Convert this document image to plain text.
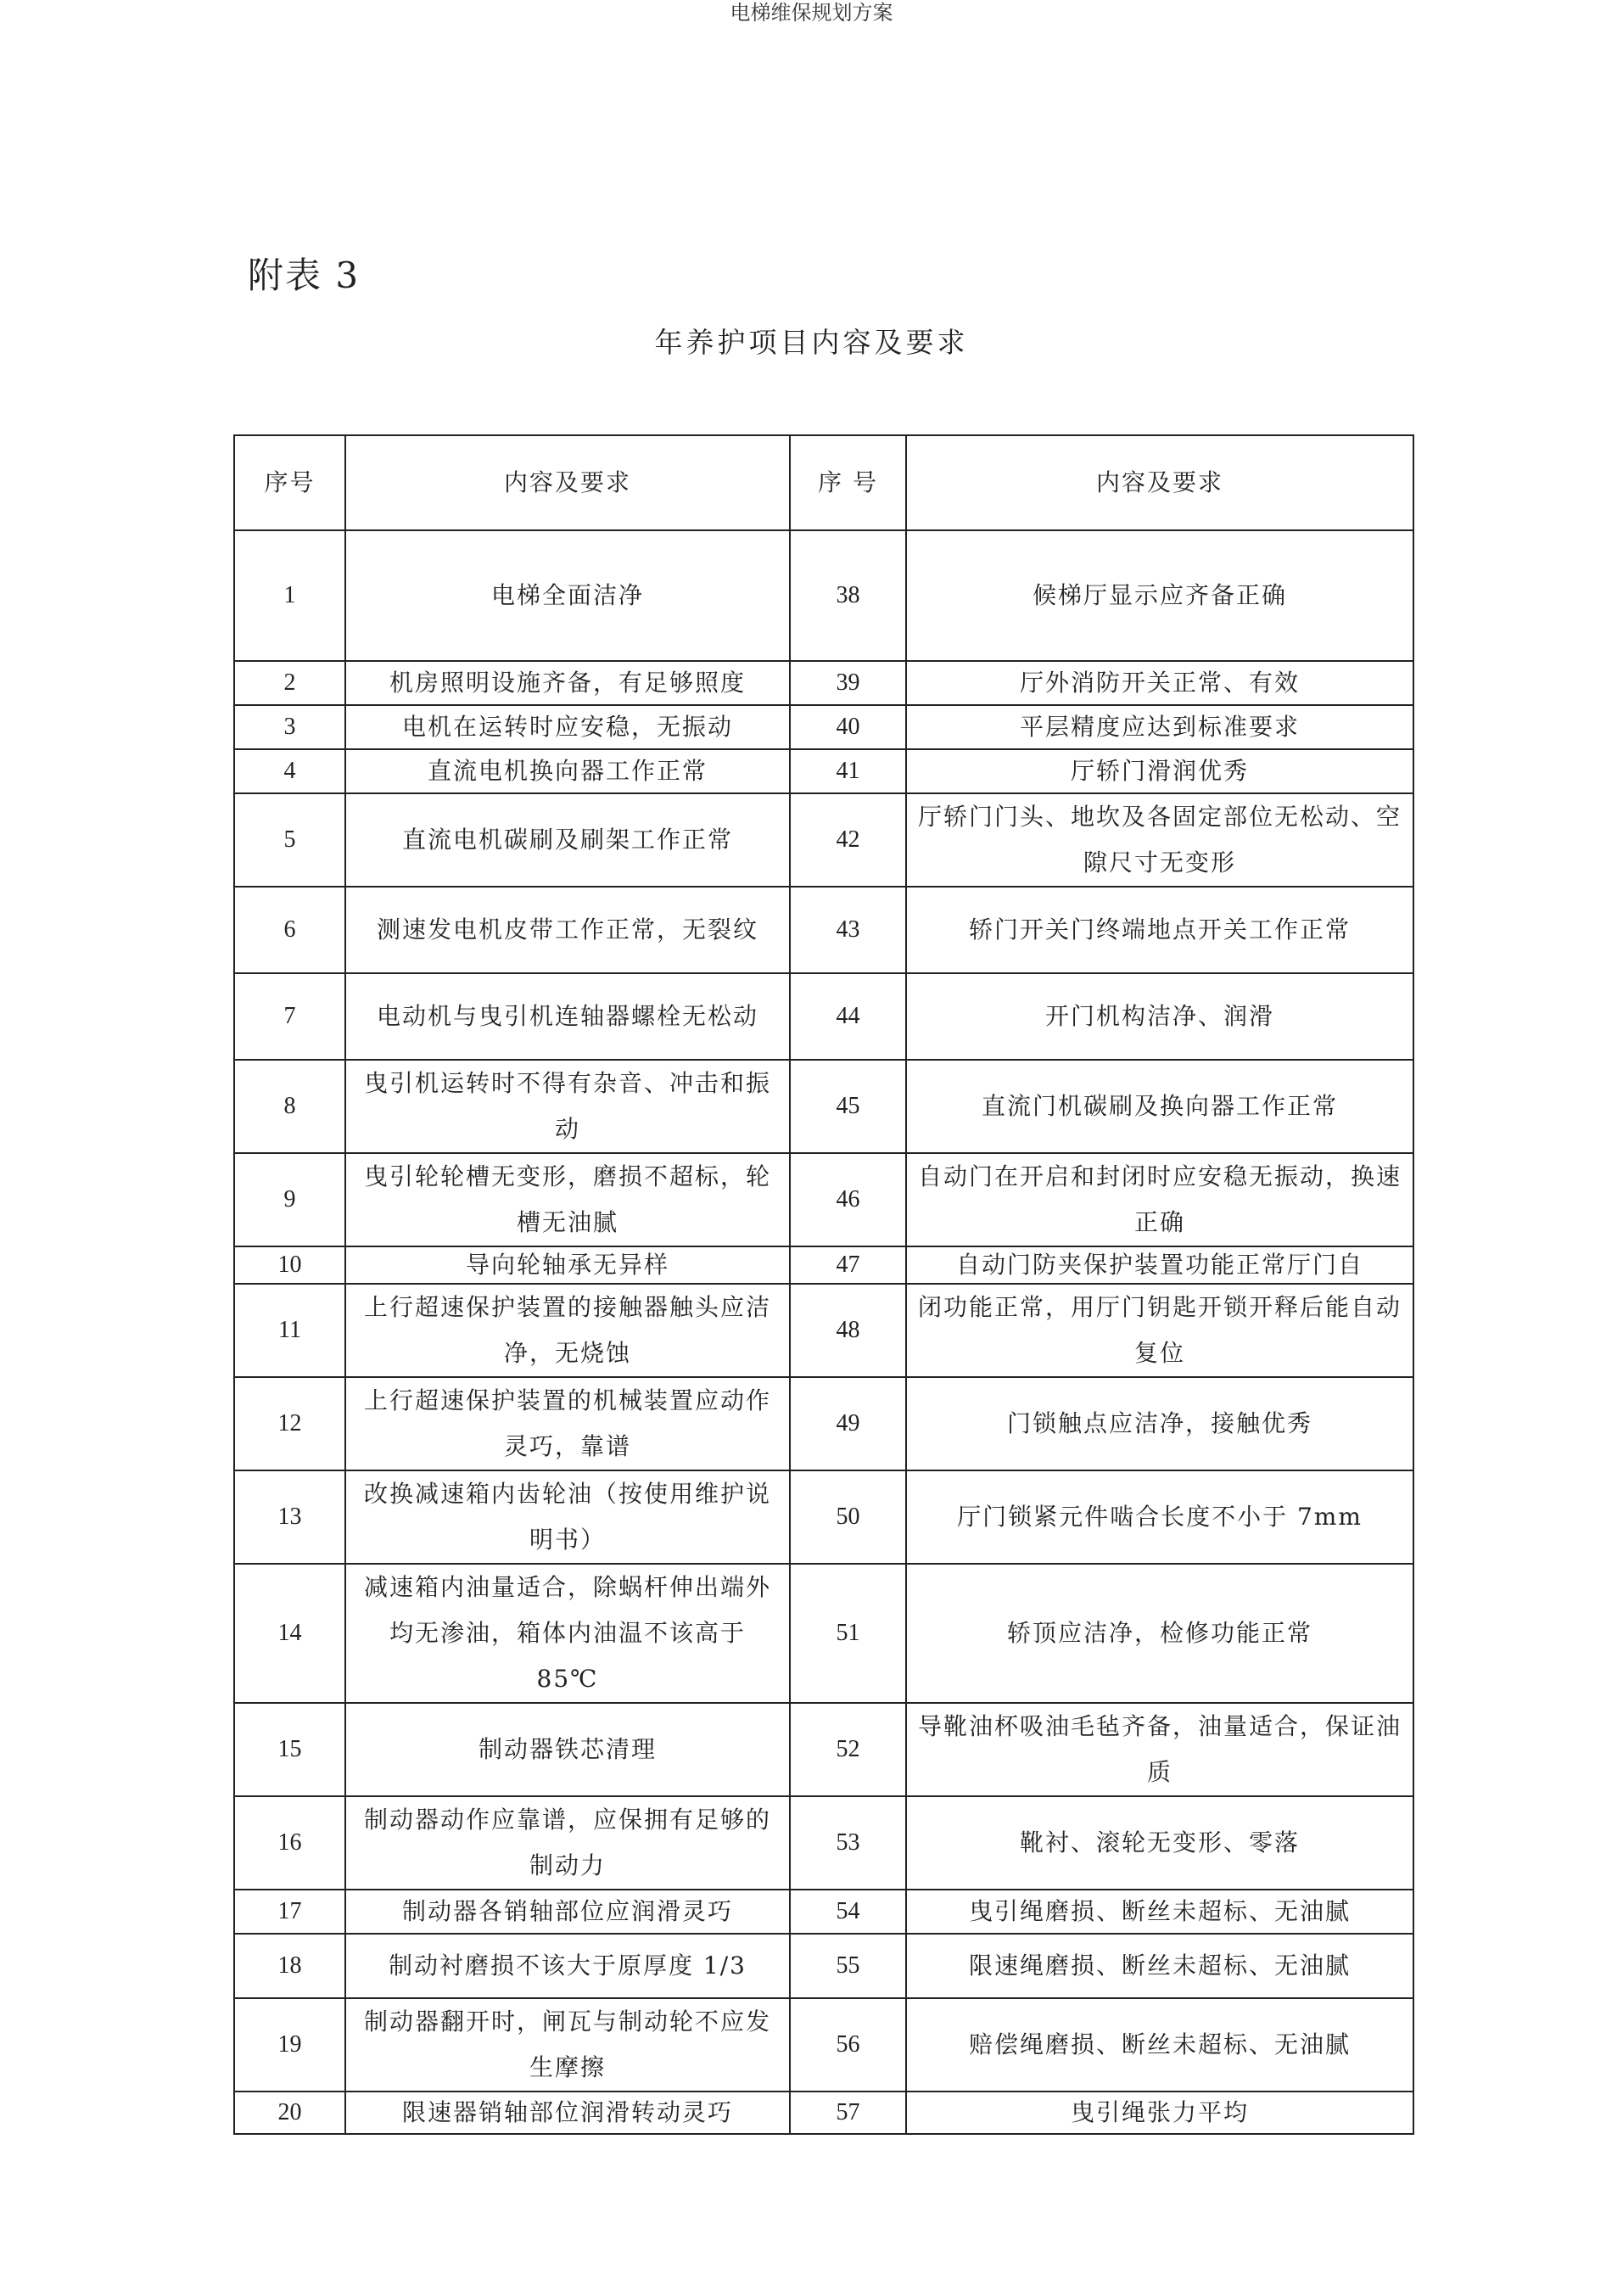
电梯维保规划方案
附表 3
年养护项目内容及要求
序号	内容及要求	序 号	内容及要求
1	电梯全面洁净	38	候梯厅显示应齐备正确
2	机房照明设施齐备，有足够照度	39	厅外消防开关正常、有效
3	电机在运转时应安稳，无振动	40	平层精度应达到标准要求
4	直流电机换向器工作正常	41	厅轿门滑润优秀
5	直流电机碳刷及刷架工作正常	42	厅轿门门头、地坎及各固定部位无松动、空隙尺寸无变形
6	测速发电机皮带工作正常，无裂纹	43	轿门开关门终端地点开关工作正常
7	电动机与曳引机连轴器螺栓无松动	44	开门机构洁净、润滑
8	曳引机运转时不得有杂音、冲击和振动	45	直流门机碳刷及换向器工作正常
9	曳引轮轮槽无变形，磨损不超标，轮槽无油腻	46	自动门在开启和封闭时应安稳无振动，换速正确
10	导向轮轴承无异样	47	自动门防夹保护装置功能正常厅门自
11	上行超速保护装置的接触器触头应洁净，无烧蚀	48	闭功能正常，用厅门钥匙开锁开释后能自动复位
12	上行超速保护装置的机械装置应动作灵巧，靠谱	49	门锁触点应洁净，接触优秀
13	改换减速箱内齿轮油（按使用维护说明书）	50	厅门锁紧元件啮合长度不小于 7mm
14	减速箱内油量适合，除蜗杆伸出端外均无渗油，箱体内油温不该高于 85℃	51	轿顶应洁净，检修功能正常
15	制动器铁芯清理	52	导靴油杯吸油毛毡齐备，油量适合，保证油质
16	制动器动作应靠谱，应保拥有足够的制动力	53	靴衬、滚轮无变形、零落
17	制动器各销轴部位应润滑灵巧	54	曳引绳磨损、断丝未超标、无油腻
18	制动衬磨损不该大于原厚度 1/3	55	限速绳磨损、断丝未超标、无油腻
19	制动器翻开时，闸瓦与制动轮不应发生摩擦	56	赔偿绳磨损、断丝未超标、无油腻
20	限速器销轴部位润滑转动灵巧	57	曳引绳张力平均
